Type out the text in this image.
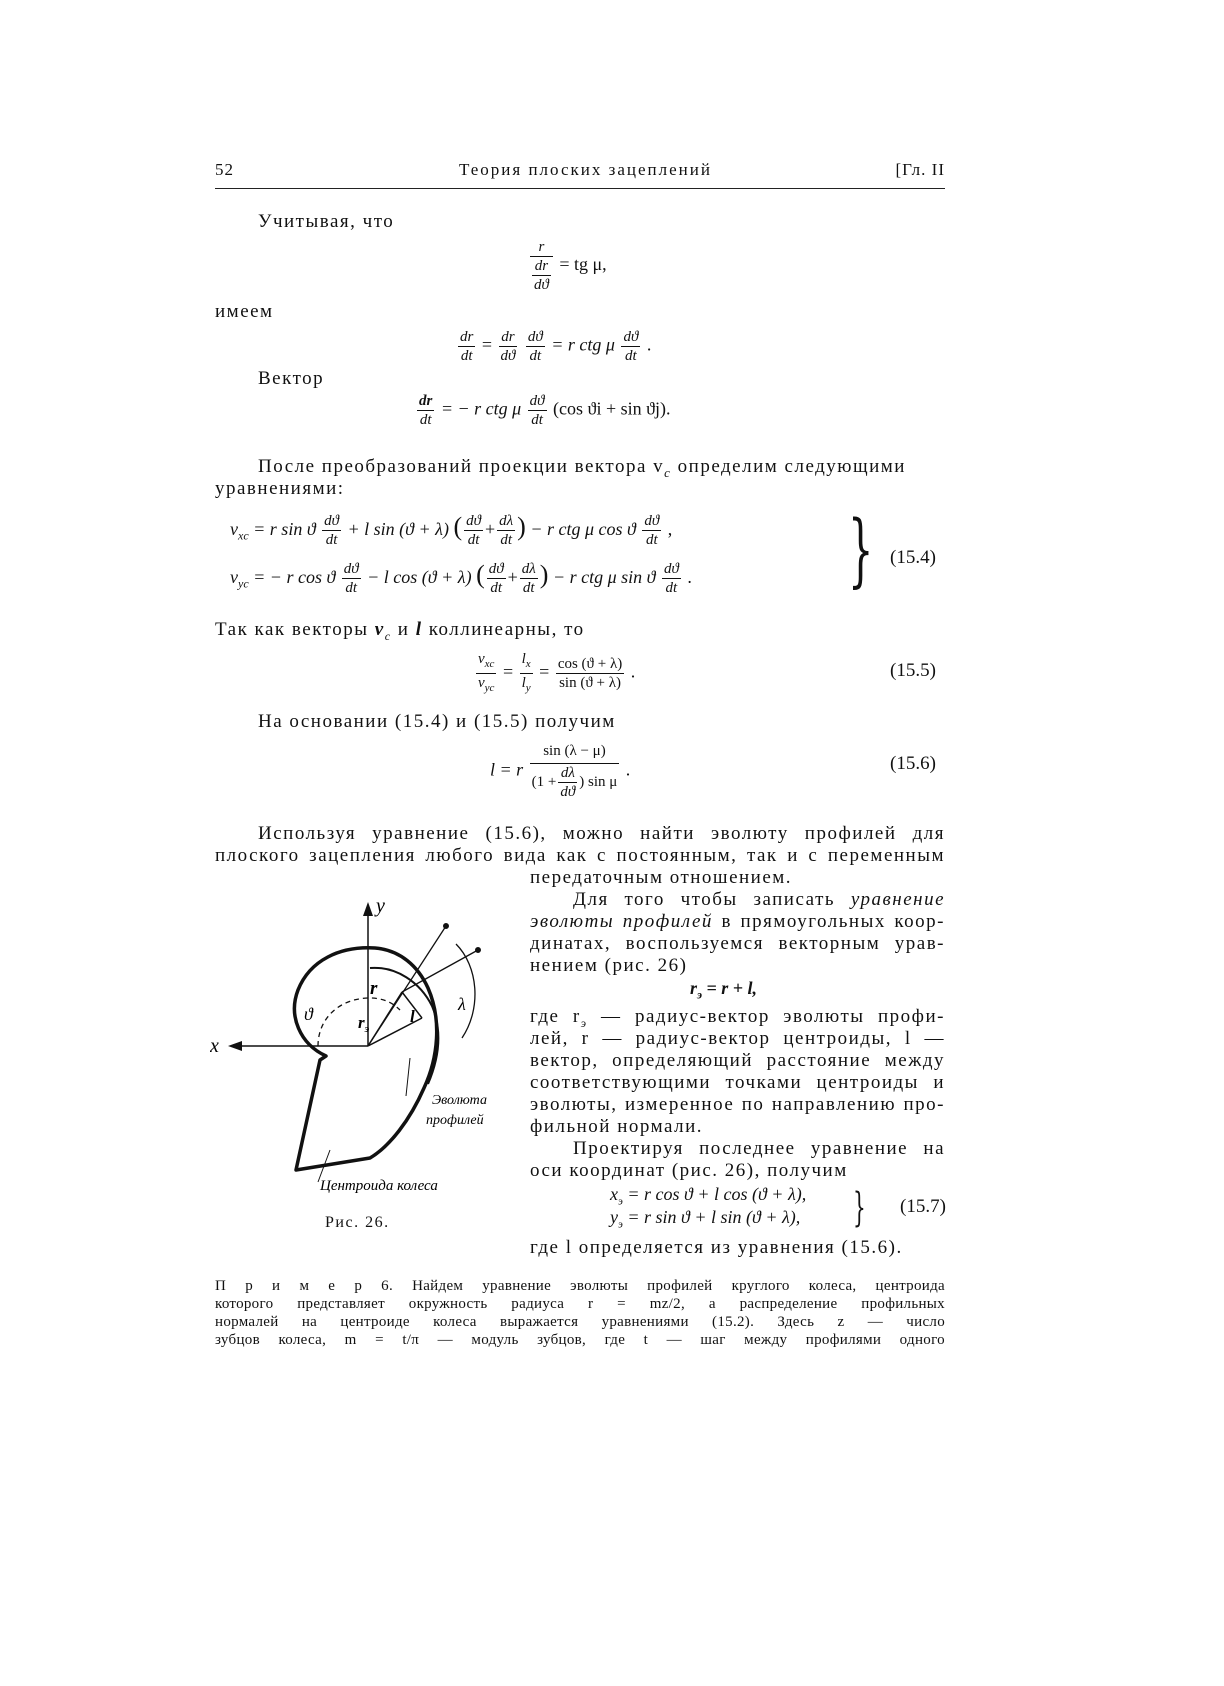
52	Теория плоских зацеплений	[Гл. II
Учитывая, что
$\frac{r}{\frac{dr}{dϑ}}$ = tg μ,
имеем
$\frac{dr}{dt} = \frac{dr}{dϑ}$
$\frac{dϑ}{dt} = r$ ctg μ $\frac{dϑ}{dt}$ .
Вектор
$\frac{dr}{dt}$ = − r ctg μ $\frac{dϑ}{dt} (\cos$ ϑi + sin ϑj).
После преобразований проекции вектора $v_c$ определим следующими
уравнениями:
$v_{xc} = r$ sin ϑ $\frac{dϑ}{dt} + l$ sin (ϑ + λ) ( $\frac{dϑ}{dt} + \frac{d\lambda}{dt}$ ) − r ctg μ cos ϑ $\frac{dϑ}{dt}$ ,
$v_{yc}$ = − r cos ϑ $\frac{dϑ}{dt} - l$ cos (ϑ + λ) ( $\frac{dϑ}{dt} + \frac{d\lambda}{dt}$ ) − r ctg μ sin ϑ $\frac{dϑ}{dt}$ . } (15.4)
Так как векторы $v_c$ и l коллинеарны, то
$\frac{v_{xc}}{v_{yc}} = \frac{l_x}{l_y} = \frac{\cos (ϑ + \lambda)}{\sin (ϑ + \lambda)}$ .	(15.5)
На основании (15.4) и (15.5) получим
l = r $\frac{\sin (\lambda - \mu)}{(1 + \frac{d\lambda}{dϑ} ) \sin \mu}$ .	(15.6)
Используя уравнение (15.6), можно найти эволюту профилей для
плоского зацепления любого вида как с постоянным, так и с переменным
передаточным отношением.
Для того чтобы записать уравнение
эволюты профилей в прямоугольных коор-
динатах, воспользуемся векторным урав-
нением (рис. 26)
$r_э = r + l$,
где $r_э$ — радиус-вектор эволюты профи-
лей, r — радиус-вектор центроиды, l —
вектор, определяющий расстояние между
соответствующими точками центроиды и
эволюты, измеренное по направлению про-
фильной нормали.
Проектируя последнее уравнение на
оси координат (рис. 26), получим
$x_э = r$ cos ϑ + l cos (ϑ + λ),
$y_э = r$ sin ϑ + l sin (ϑ + λ), } (15.7)
где l определяется из уравнения (15.6).
y
x
ϑ
r
$r_э$
l
λ
Эволюта
профилей
Центроида колеса
Рис. 26.
П р и м е р 6. Найдем уравнение эволюты профилей круглого колеса, центроида
которого представляет окружность радиуса r = mz/2, а распределение профильных
нормалей на центроиде колеса выражается уравнениями (15.2). Здесь z — число
зубцов колеса, m = t/π — модуль зубцов, где t — шаг между профилями одного
